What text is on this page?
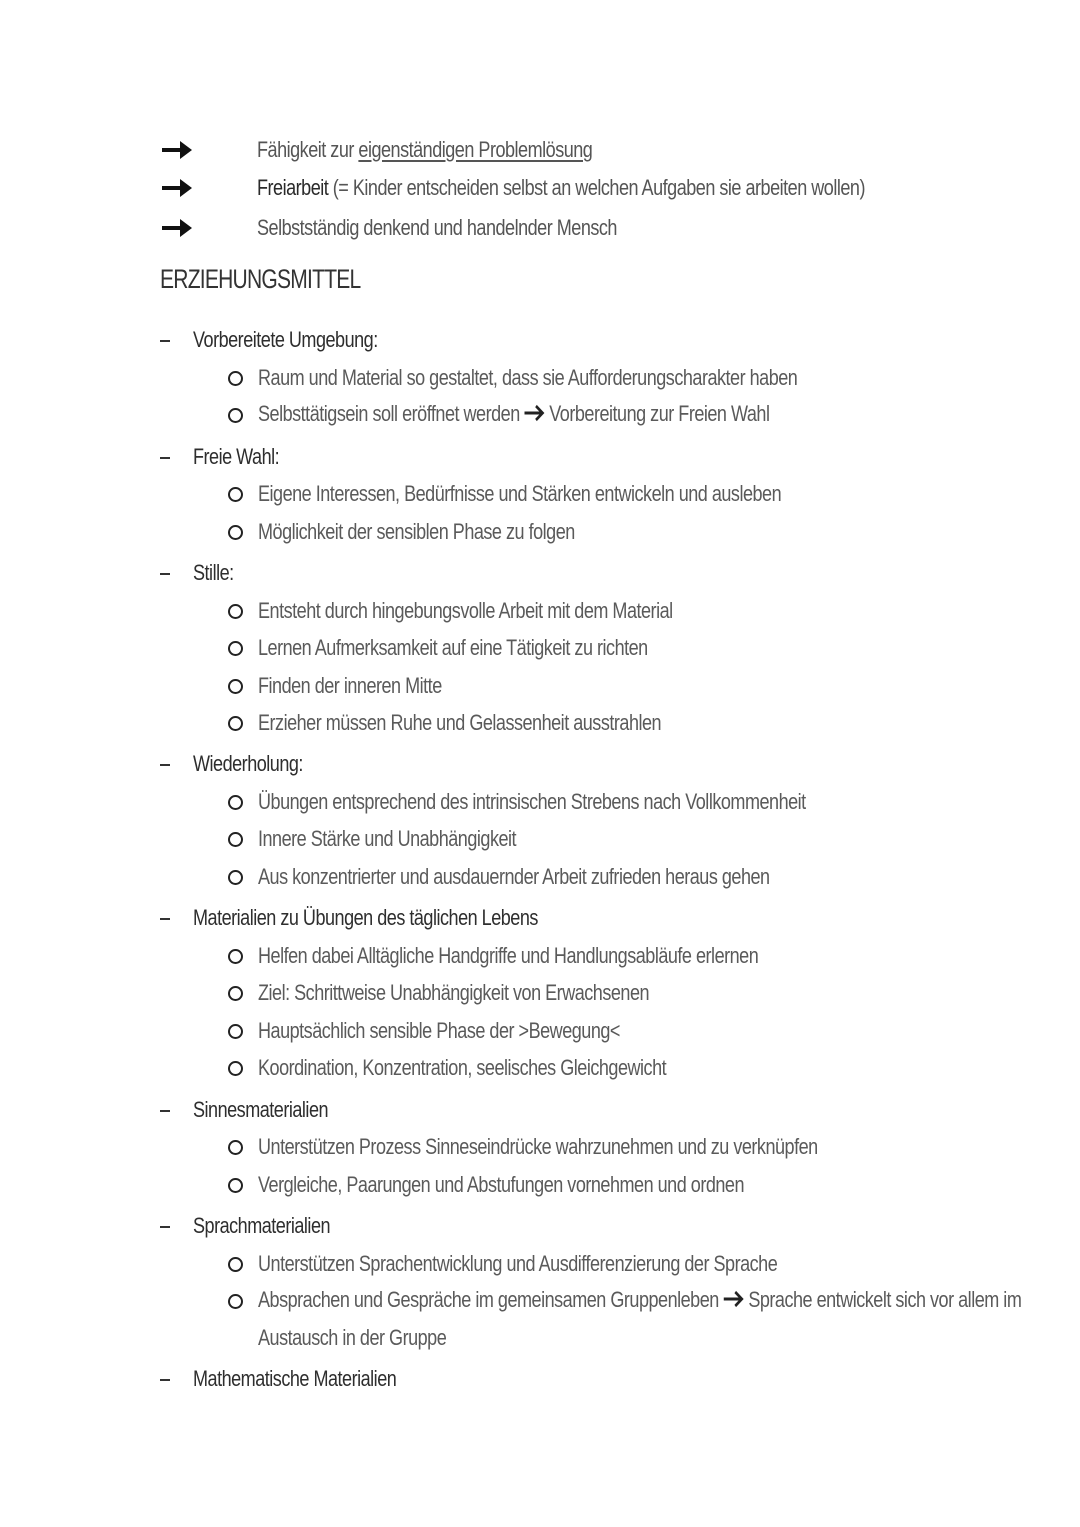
Fähigkeit zur eigenständigen Problemlösung
Freiarbeit (= Kinder entscheiden selbst an welchen Aufgaben sie arbeiten wollen)
Selbstständig denkend und handelnder Mensch
ERZIEHUNGSMITTEL
Vorbereitete Umgebung:
Raum und Material so gestaltet, dass sie Aufforderungscharakter haben
Selbsttätigsein soll eröffnet werden Vorbereitung zur Freien Wahl
Freie Wahl:
Eigene Interessen, Bedürfnisse und Stärken entwickeln und ausleben
Möglichkeit der sensiblen Phase zu folgen
Stille:
Entsteht durch hingebungsvolle Arbeit mit dem Material
Lernen Aufmerksamkeit auf eine Tätigkeit zu richten
Finden der inneren Mitte
Erzieher müssen Ruhe und Gelassenheit ausstrahlen
Wiederholung:
Übungen entsprechend des intrinsischen Strebens nach Vollkommenheit
Innere Stärke und Unabhängigkeit
Aus konzentrierter und ausdauernder Arbeit zufrieden heraus gehen
Materialien zu Übungen des täglichen Lebens
Helfen dabei Alltägliche Handgriffe und Handlungsabläufe erlernen
Ziel: Schrittweise Unabhängigkeit von Erwachsenen
Hauptsächlich sensible Phase der >Bewegung<
Koordination, Konzentration, seelisches Gleichgewicht
Sinnesmaterialien
Unterstützen Prozess Sinneseindrücke wahrzunehmen und zu verknüpfen
Vergleiche, Paarungen und Abstufungen vornehmen und ordnen
Sprachmaterialien
Unterstützen Sprachentwicklung und Ausdifferenzierung der Sprache
Absprachen und Gespräche im gemeinsamen Gruppenleben Sprache entwickelt sich vor allem im
Austausch in der Gruppe
Mathematische Materialien
